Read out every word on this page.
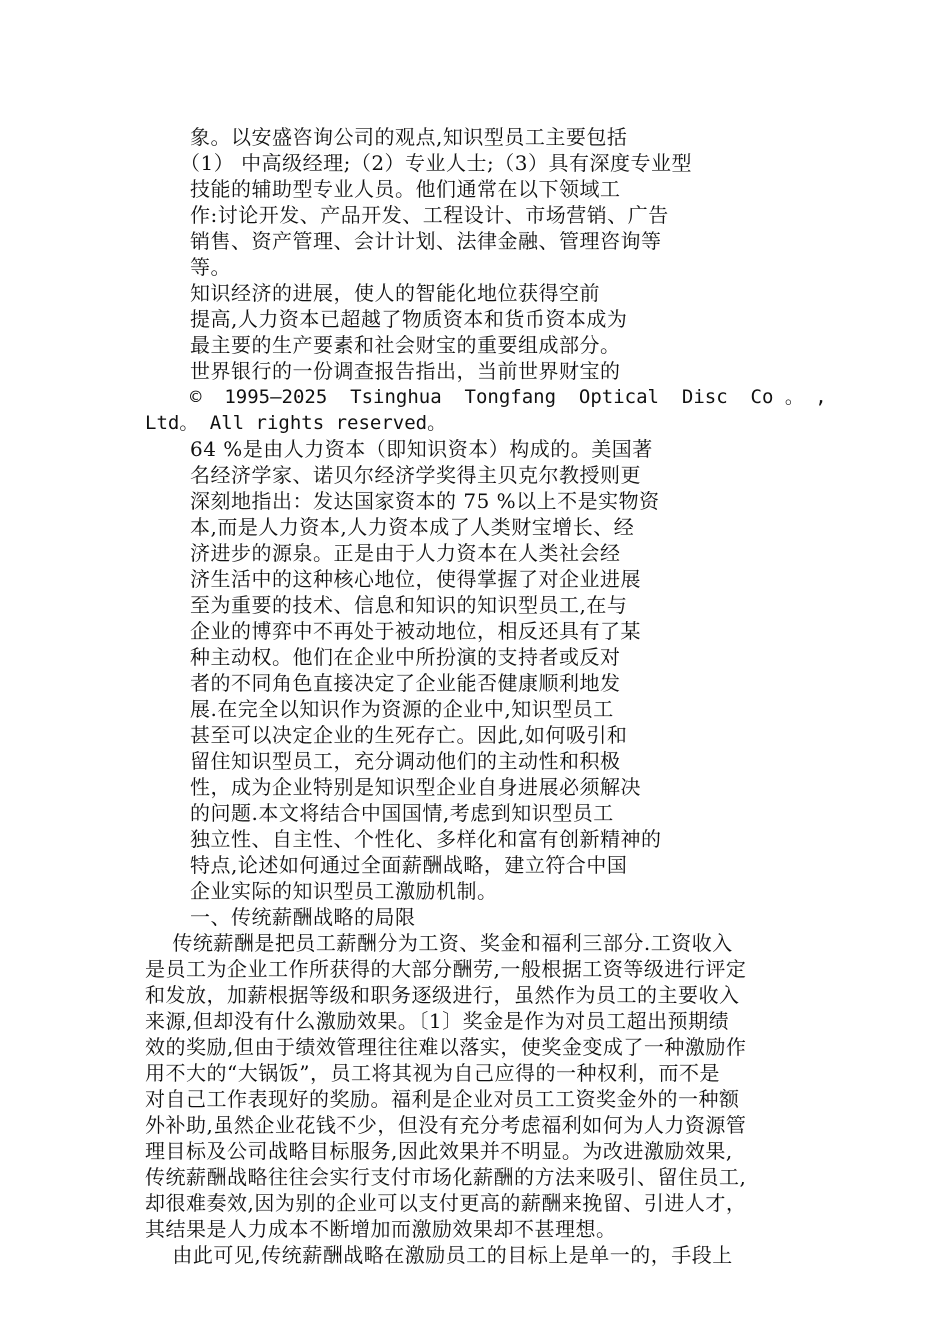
象。以安盛咨询公司的观点,知识型员工主要包括
（1） 中高级经理;（2）专业人士;（3）具有深度专业型
技能的辅助型专业人员。他们通常在以下领域工
作:讨论开发、产品开发、工程设计、市场营销、广告
销售、资产管理、会计计划、法律金融、管理咨询等
等。
知识经济的进展，使人的智能化地位获得空前
提高,人力资本已超越了物质资本和货币资本成为
最主要的生产要素和社会财宝的重要组成部分。
世界银行的一份调查报告指出，当前世界财宝的
©  1995—2025  Tsinghua  Tongfang  Optical  Disc  Co 。 ,
Ltd。 All rights reserved。
64 %是由人力资本（即知识资本）构成的。美国著
名经济学家、诺贝尔经济学奖得主贝克尔教授则更
深刻地指出：发达国家资本的 75 %以上不是实物资
本,而是人力资本,人力资本成了人类财宝增长、经
济进步的源泉。正是由于人力资本在人类社会经
济生活中的这种核心地位，使得掌握了对企业进展
至为重要的技术、信息和知识的知识型员工,在与
企业的博弈中不再处于被动地位，相反还具有了某
种主动权。他们在企业中所扮演的支持者或反对
者的不同角色直接决定了企业能否健康顺利地发
展.在完全以知识作为资源的企业中,知识型员工
甚至可以决定企业的生死存亡。因此,如何吸引和
留住知识型员工，充分调动他们的主动性和积极
性，成为企业特别是知识型企业自身进展必须解决
的问题.本文将结合中国国情,考虑到知识型员工
独立性、自主性、个性化、多样化和富有创新精神的
特点,论述如何通过全面薪酬战略，建立符合中国
企业实际的知识型员工激励机制。
一、传统薪酬战略的局限
传统薪酬是把员工薪酬分为工资、奖金和福利三部分.工资收入
是员工为企业工作所获得的大部分酬劳,一般根据工资等级进行评定
和发放，加薪根据等级和职务逐级进行，虽然作为员工的主要收入
来源,但却没有什么激励效果。〔1〕奖金是作为对员工超出预期绩
效的奖励,但由于绩效管理往往难以落实，使奖金变成了一种激励作
用不大的“大锅饭”，员工将其视为自己应得的一种权利，而不是
对自己工作表现好的奖励。福利是企业对员工工资奖金外的一种额
外补助,虽然企业花钱不少，但没有充分考虑福利如何为人力资源管
理目标及公司战略目标服务,因此效果并不明显。为改进激励效果,
传统薪酬战略往往会实行支付市场化薪酬的方法来吸引、留住员工,
却很难奏效,因为别的企业可以支付更高的薪酬来挽留、引进人才，
其结果是人力成本不断增加而激励效果却不甚理想。
由此可见,传统薪酬战略在激励员工的目标上是单一的，手段上
